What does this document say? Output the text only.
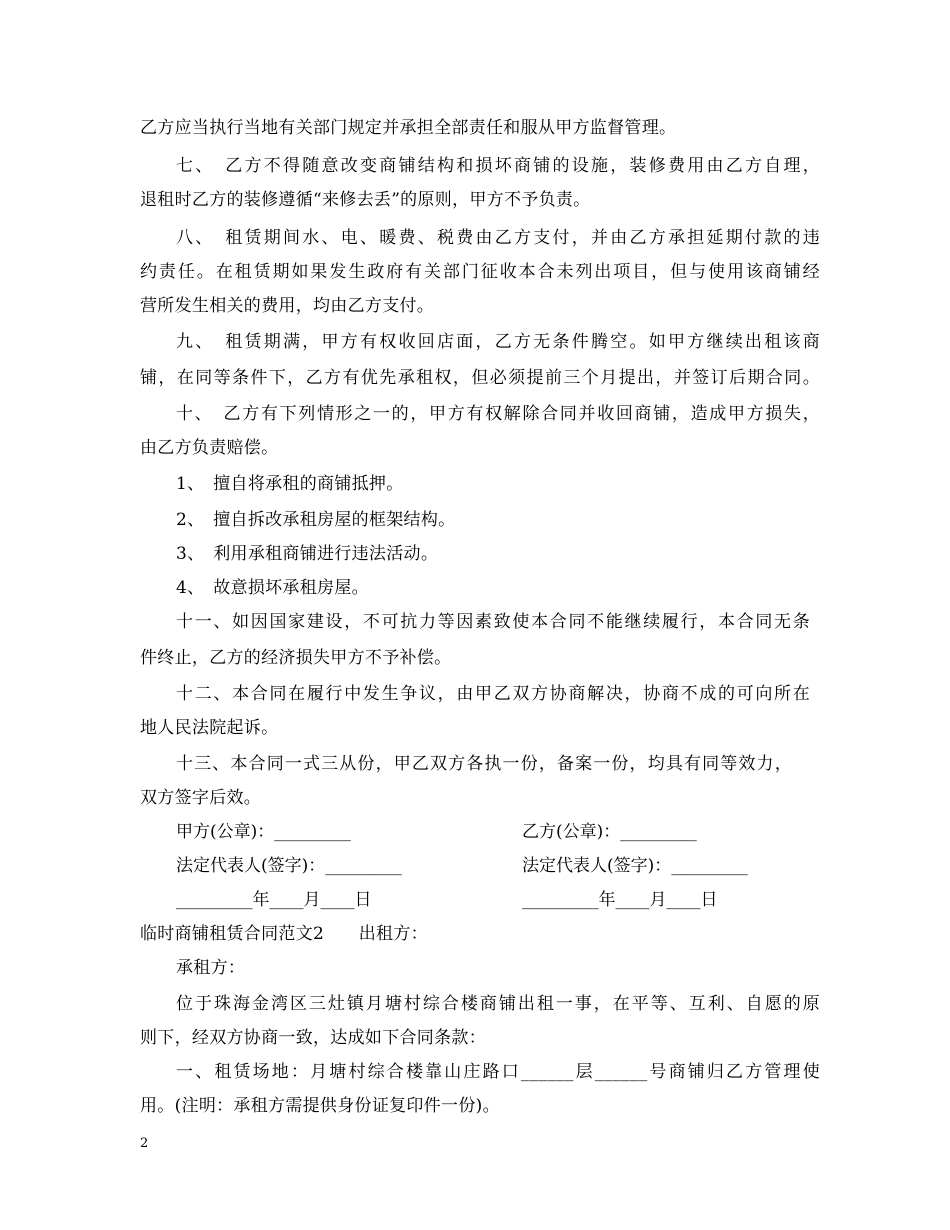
乙方应当执行当地有关部门规定并承担全部责任和服从甲方监督管理。
七、　乙方不得随意改变商铺结构和损坏商铺的设施，装修费用由乙方自理，
退租时乙方的装修遵循“来修去丢”的原则，甲方不予负责。
八、　租赁期间水、电、暖费、税费由乙方支付，并由乙方承担延期付款的违
约责任。在租赁期如果发生政府有关部门征收本合未列出项目，但与使用该商铺经
营所发生相关的费用，均由乙方支付。
九、　租赁期满，甲方有权收回店面，乙方无条件腾空。如甲方继续出租该商
铺，在同等条件下，乙方有优先承租权，但必须提前三个月提出，并签订后期合同。
十、　乙方有下列情形之一的，甲方有权解除合同并收回商铺，造成甲方损失，
由乙方负责赔偿。
1、　擅自将承租的商铺抵押。
2、　擅自拆改承租房屋的框架结构。
3、　利用承租商铺进行违法活动。
4、　故意损坏承租房屋。
十一、如因国家建设，不可抗力等因素致使本合同不能继续履行，本合同无条
件终止，乙方的经济损失甲方不予补偿。
十二、本合同在履行中发生争议，由甲乙双方协商解决，协商不成的可向所在
地人民法院起诉。
十三、本合同一式三从份，甲乙双方各执一份，备案一份，均具有同等效力，
双方签字后效。
甲方(公章)：_________	乙方(公章)：_________
法定代表人(签字)：_________	法定代表人(签字)：_________
_________年____月____日	_________年____月____日
临时商铺租赁合同范文2　　出租方：
承租方：
位于珠海金湾区三灶镇月塘村综合楼商铺出租一事，在平等、互利、自愿的原
则下，经双方协商一致，达成如下合同条款：
一、租赁场地：月塘村综合楼靠山庄路口______层______号商铺归乙方管理使
用。(注明：承租方需提供身份证复印件一份)。
2
